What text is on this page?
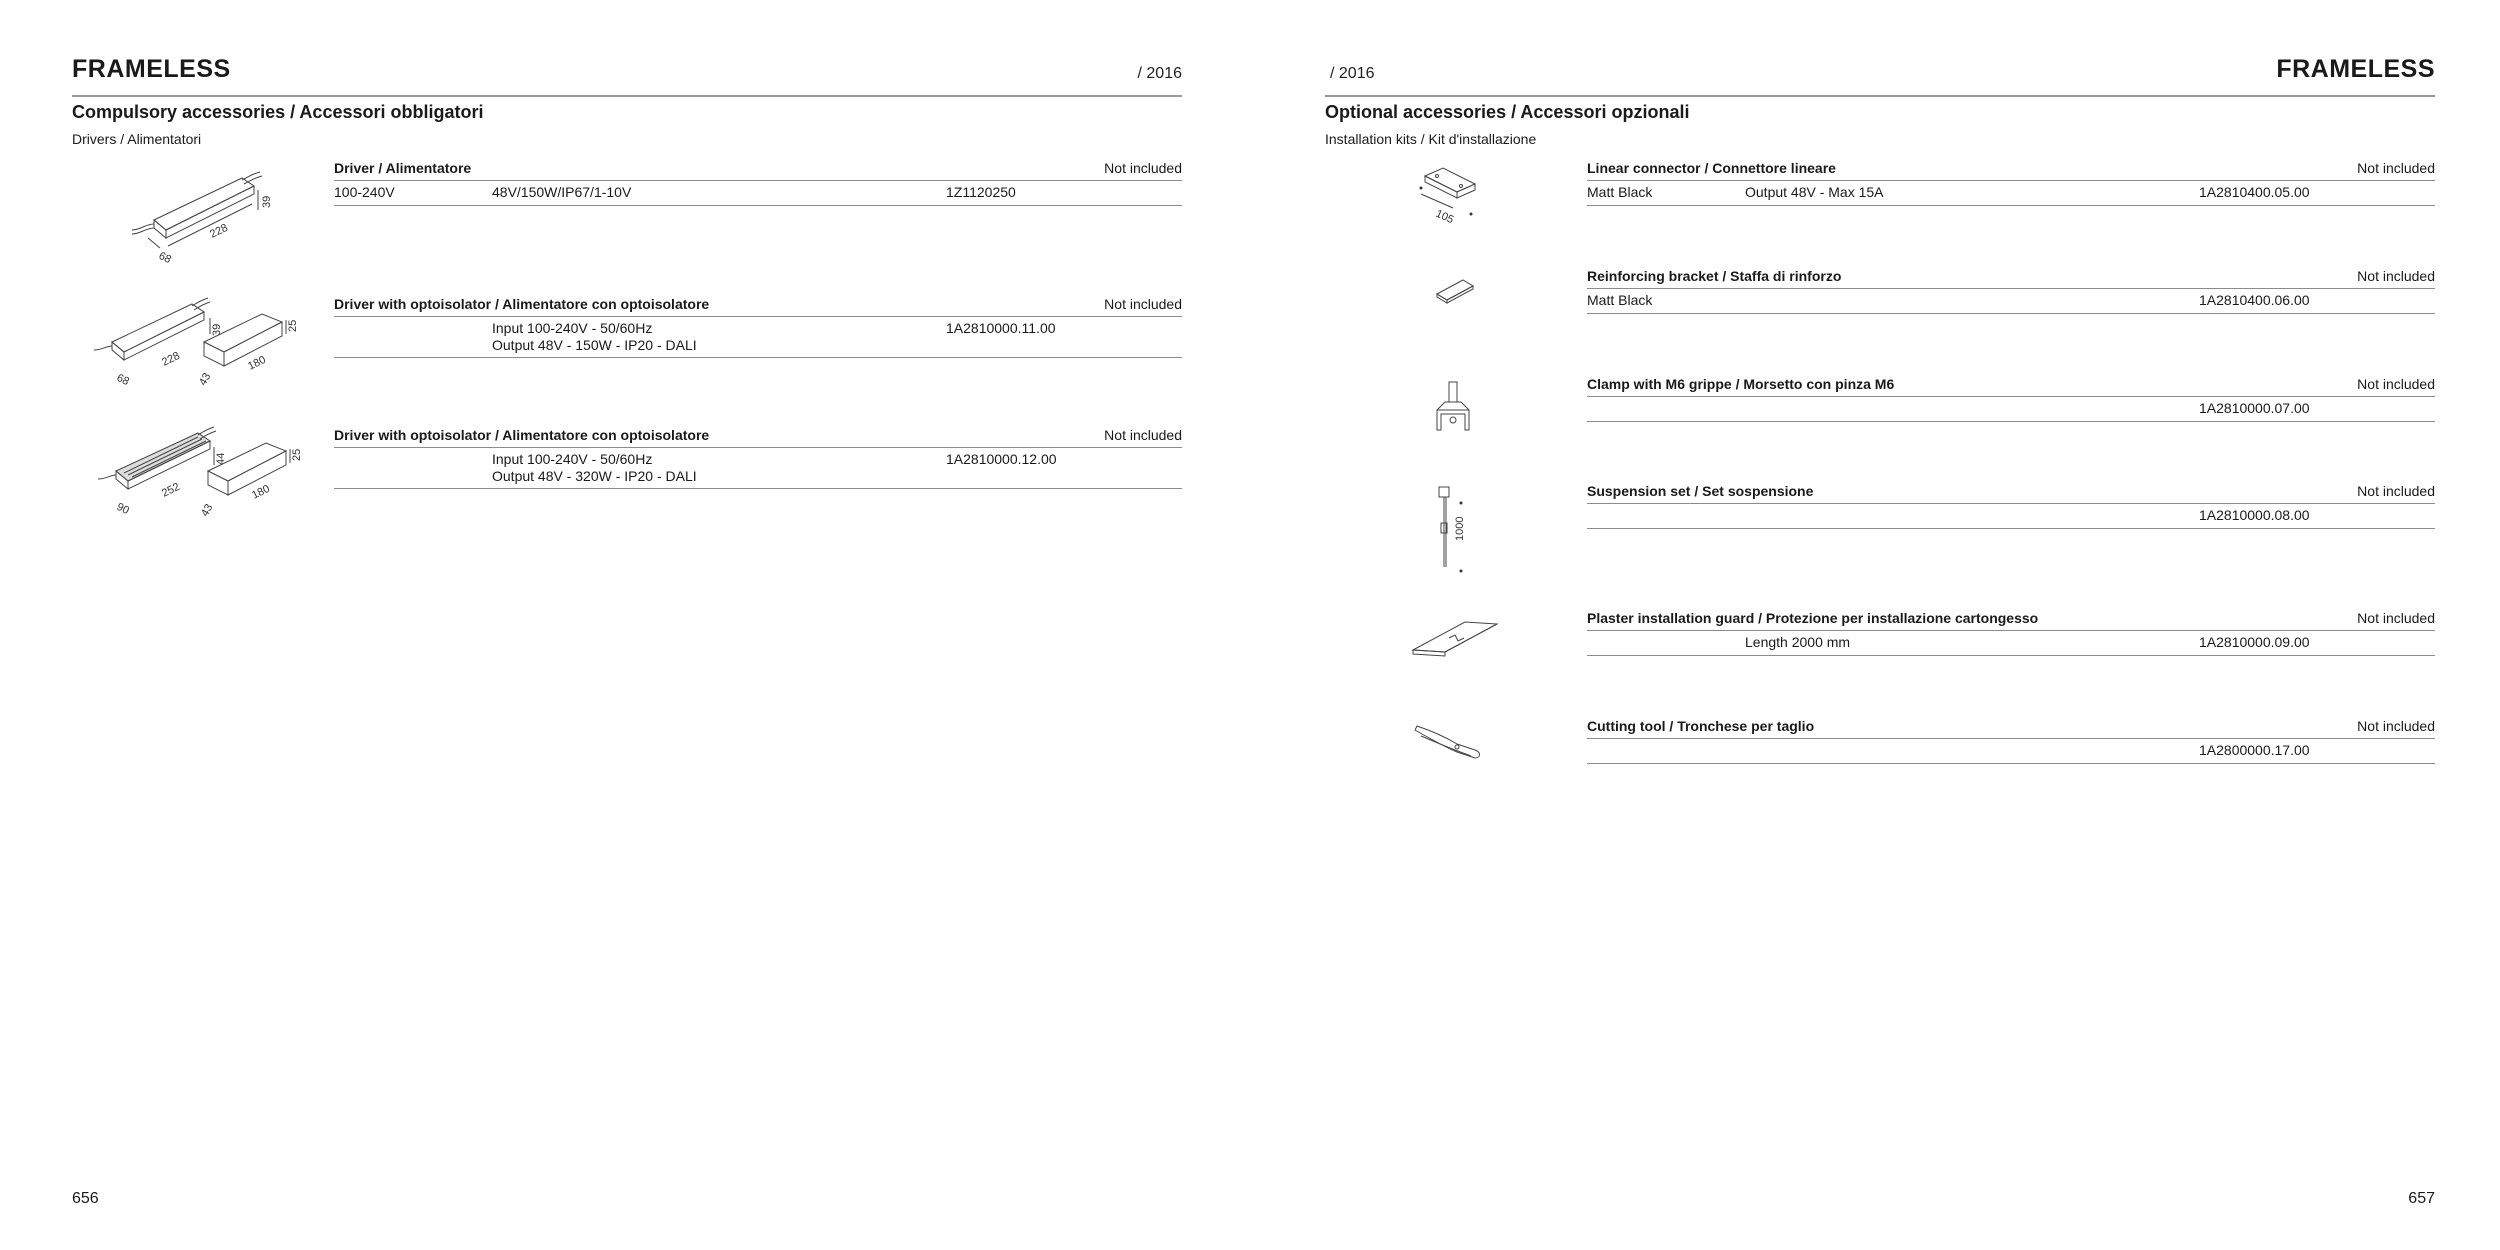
FRAMELESS	/ 2016
Compulsory accessories / Accessori obbligatori
Drivers / Alimentatori
39
228
68
Driver / Alimentatore	Not included
100-240V	48V/150W/IP67/1-10V	1Z1120250
39
228
68
25
180
43
Driver with optoisolator / Alimentatore con optoisolatore	Not included
Input 100-240V - 50/60Hz
Output 48V - 150W - IP20 - DALI
1A2810000.11.00
44
252
90
25
180
43
Driver with optoisolator / Alimentatore con optoisolatore	Not included
Input 100-240V - 50/60Hz
Output 48V - 320W - IP20 - DALI
1A2810000.12.00
656
/ 2016	FRAMELESS
Optional accessories / Accessori opzionali
Installation kits / Kit d'installazione
105
Linear connector / Connettore lineare	Not included
Matt Black	Output 48V - Max 15A	1A2810400.05.00
Reinforcing bracket / Staffa di rinforzo	Not included
Matt Black	1A2810400.06.00
Clamp with M6 grippe / Morsetto con pinza M6	Not included
1A2810000.07.00
1000
Suspension set / Set sospensione	Not included
1A2810000.08.00
Plaster installation guard / Protezione per installazione cartongesso	Not included
Length 2000 mm	1A2810000.09.00
Cutting tool / Tronchese per taglio	Not included
1A2800000.17.00
657
